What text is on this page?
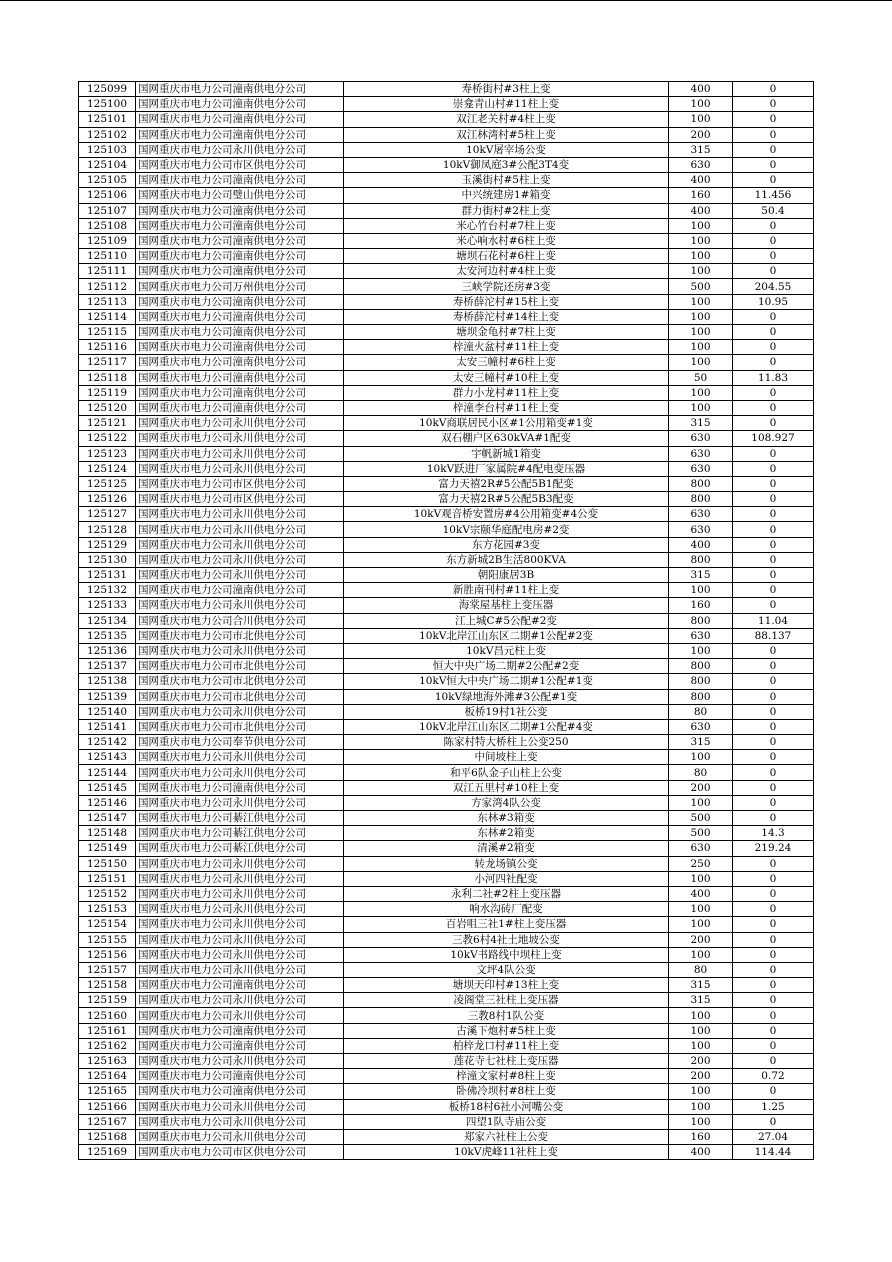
125099	国网重庆市电力公司潼南供电分公司	寿桥街村#3柱上变	400	0
125100	国网重庆市电力公司潼南供电分公司	崇龛青山村#11柱上变	100	0
125101	国网重庆市电力公司潼南供电分公司	双江老关村#4柱上变	100	0
125102	国网重庆市电力公司潼南供电分公司	双江林湾村#5柱上变	200	0
125103	国网重庆市电力公司永川供电分公司	10kV屠宰场公变	315	0
125104	国网重庆市电力公司市区供电分公司	10kV御凤庭3#公配3T4变	630	0
125105	国网重庆市电力公司潼南供电分公司	玉溪街村#5柱上变	400	0
125106	国网重庆市电力公司璧山供电分公司	中兴统建房1#箱变	160	11.456
125107	国网重庆市电力公司潼南供电分公司	群力街村#2柱上变	400	50.4
125108	国网重庆市电力公司潼南供电分公司	米心竹台村#7柱上变	100	0
125109	国网重庆市电力公司潼南供电分公司	米心响水村#6柱上变	100	0
125110	国网重庆市电力公司潼南供电分公司	塘坝石花村#6柱上变	100	0
125111	国网重庆市电力公司潼南供电分公司	太安河边村#4柱上变	100	0
125112	国网重庆市电力公司万州供电分公司	三峡学院还房#3变	500	204.55
125113	国网重庆市电力公司潼南供电分公司	寿桥薛沱村#15柱上变	100	10.95
125114	国网重庆市电力公司潼南供电分公司	寿桥薛沱村#14柱上变	100	0
125115	国网重庆市电力公司潼南供电分公司	塘坝金龟村#7柱上变	100	0
125116	国网重庆市电力公司潼南供电分公司	梓潼火盆村#11柱上变	100	0
125117	国网重庆市电力公司潼南供电分公司	太安三幢村#6柱上变	100	0
125118	国网重庆市电力公司潼南供电分公司	太安三幢村#10柱上变	50	11.83
125119	国网重庆市电力公司潼南供电分公司	群力小龙村#11柱上变	100	0
125120	国网重庆市电力公司潼南供电分公司	梓潼李台村#11柱上变	100	0
125121	国网重庆市电力公司永川供电分公司	10kV商联居民小区#1公用箱变#1变	315	0
125122	国网重庆市电力公司永川供电分公司	双石棚户区630kVA#1配变	630	108.927
125123	国网重庆市电力公司永川供电分公司	宇帆新城1箱变	630	0
125124	国网重庆市电力公司永川供电分公司	10kV跃进厂家属院#4配电变压器	630	0
125125	国网重庆市电力公司市区供电分公司	富力天禧2R#5公配5B1配变	800	0
125126	国网重庆市电力公司市区供电分公司	富力天禧2R#5公配5B3配变	800	0
125127	国网重庆市电力公司永川供电分公司	10kV观音桥安置房#4公用箱变#4公变	630	0
125128	国网重庆市电力公司永川供电分公司	10kV宗颐华庭配电房#2变	630	0
125129	国网重庆市电力公司永川供电分公司	东方花园#3变	400	0
125130	国网重庆市电力公司永川供电分公司	东方新城2B生活800KVA	800	0
125131	国网重庆市电力公司永川供电分公司	朝阳康居3B	315	0
125132	国网重庆市电力公司潼南供电分公司	新胜南刊村#11柱上变	100	0
125133	国网重庆市电力公司永川供电分公司	海棠屋基柱上变压器	160	0
125134	国网重庆市电力公司合川供电分公司	江上城C#5公配#2变	800	11.04
125135	国网重庆市电力公司市北供电分公司	10kV北岸江山东区二期#1公配#2变	630	88.137
125136	国网重庆市电力公司永川供电分公司	10kV昌元柱上变	100	0
125137	国网重庆市电力公司市北供电分公司	恒大中央广场二期#2公配#2变	800	0
125138	国网重庆市电力公司市北供电分公司	10kV恒大中央广场二期#1公配#1变	800	0
125139	国网重庆市电力公司市北供电分公司	10kV绿地海外滩#3公配#1变	800	0
125140	国网重庆市电力公司永川供电分公司	板桥19村1社公变	80	0
125141	国网重庆市电力公司市北供电分公司	10kV北岸江山东区二期#1公配#4变	630	0
125142	国网重庆市电力公司奉节供电分公司	陈家村特大桥柱上公变250	315	0
125143	国网重庆市电力公司永川供电分公司	中间坡柱上变	100	0
125144	国网重庆市电力公司永川供电分公司	和平6队金子山柱上公变	80	0
125145	国网重庆市电力公司潼南供电分公司	双江五里村#10柱上变	200	0
125146	国网重庆市电力公司永川供电分公司	方家湾4队公变	100	0
125147	国网重庆市电力公司綦江供电分公司	东林#3箱变	500	0
125148	国网重庆市电力公司綦江供电分公司	东林#2箱变	500	14.3
125149	国网重庆市电力公司綦江供电分公司	清溪#2箱变	630	219.24
125150	国网重庆市电力公司永川供电分公司	转龙场镇公变	250	0
125151	国网重庆市电力公司永川供电分公司	小河四社配变	100	0
125152	国网重庆市电力公司永川供电分公司	永利二社#2柱上变压器	400	0
125153	国网重庆市电力公司永川供电分公司	响水沟砖厂配变	100	0
125154	国网重庆市电力公司永川供电分公司	百岩咀三社1#柱上变压器	100	0
125155	国网重庆市电力公司永川供电分公司	三教6村4社土地坡公变	200	0
125156	国网重庆市电力公司永川供电分公司	10kV书路线中坝柱上变	100	0
125157	国网重庆市电力公司永川供电分公司	文坪4队公变	80	0
125158	国网重庆市电力公司潼南供电分公司	塘坝天印村#13柱上变	315	0
125159	国网重庆市电力公司永川供电分公司	凌阁堂三社柱上变压器	315	0
125160	国网重庆市电力公司永川供电分公司	三教8村1队公变	100	0
125161	国网重庆市电力公司潼南供电分公司	古溪下炮村#5柱上变	100	0
125162	国网重庆市电力公司潼南供电分公司	柏梓龙口村#11柱上变	100	0
125163	国网重庆市电力公司永川供电分公司	莲花寺七社柱上变压器	200	0
125164	国网重庆市电力公司潼南供电分公司	梓潼文家村#8柱上变	200	0.72
125165	国网重庆市电力公司潼南供电分公司	卧佛冷坝村#8柱上变	100	0
125166	国网重庆市电力公司永川供电分公司	板桥18村6社小河嘴公变	100	1.25
125167	国网重庆市电力公司永川供电分公司	四望1队寺庙公变	100	0
125168	国网重庆市电力公司永川供电分公司	郑家六社柱上公变	160	27.04
125169	国网重庆市电力公司市区供电分公司	10kV虎峰11社柱上变	400	114.44
